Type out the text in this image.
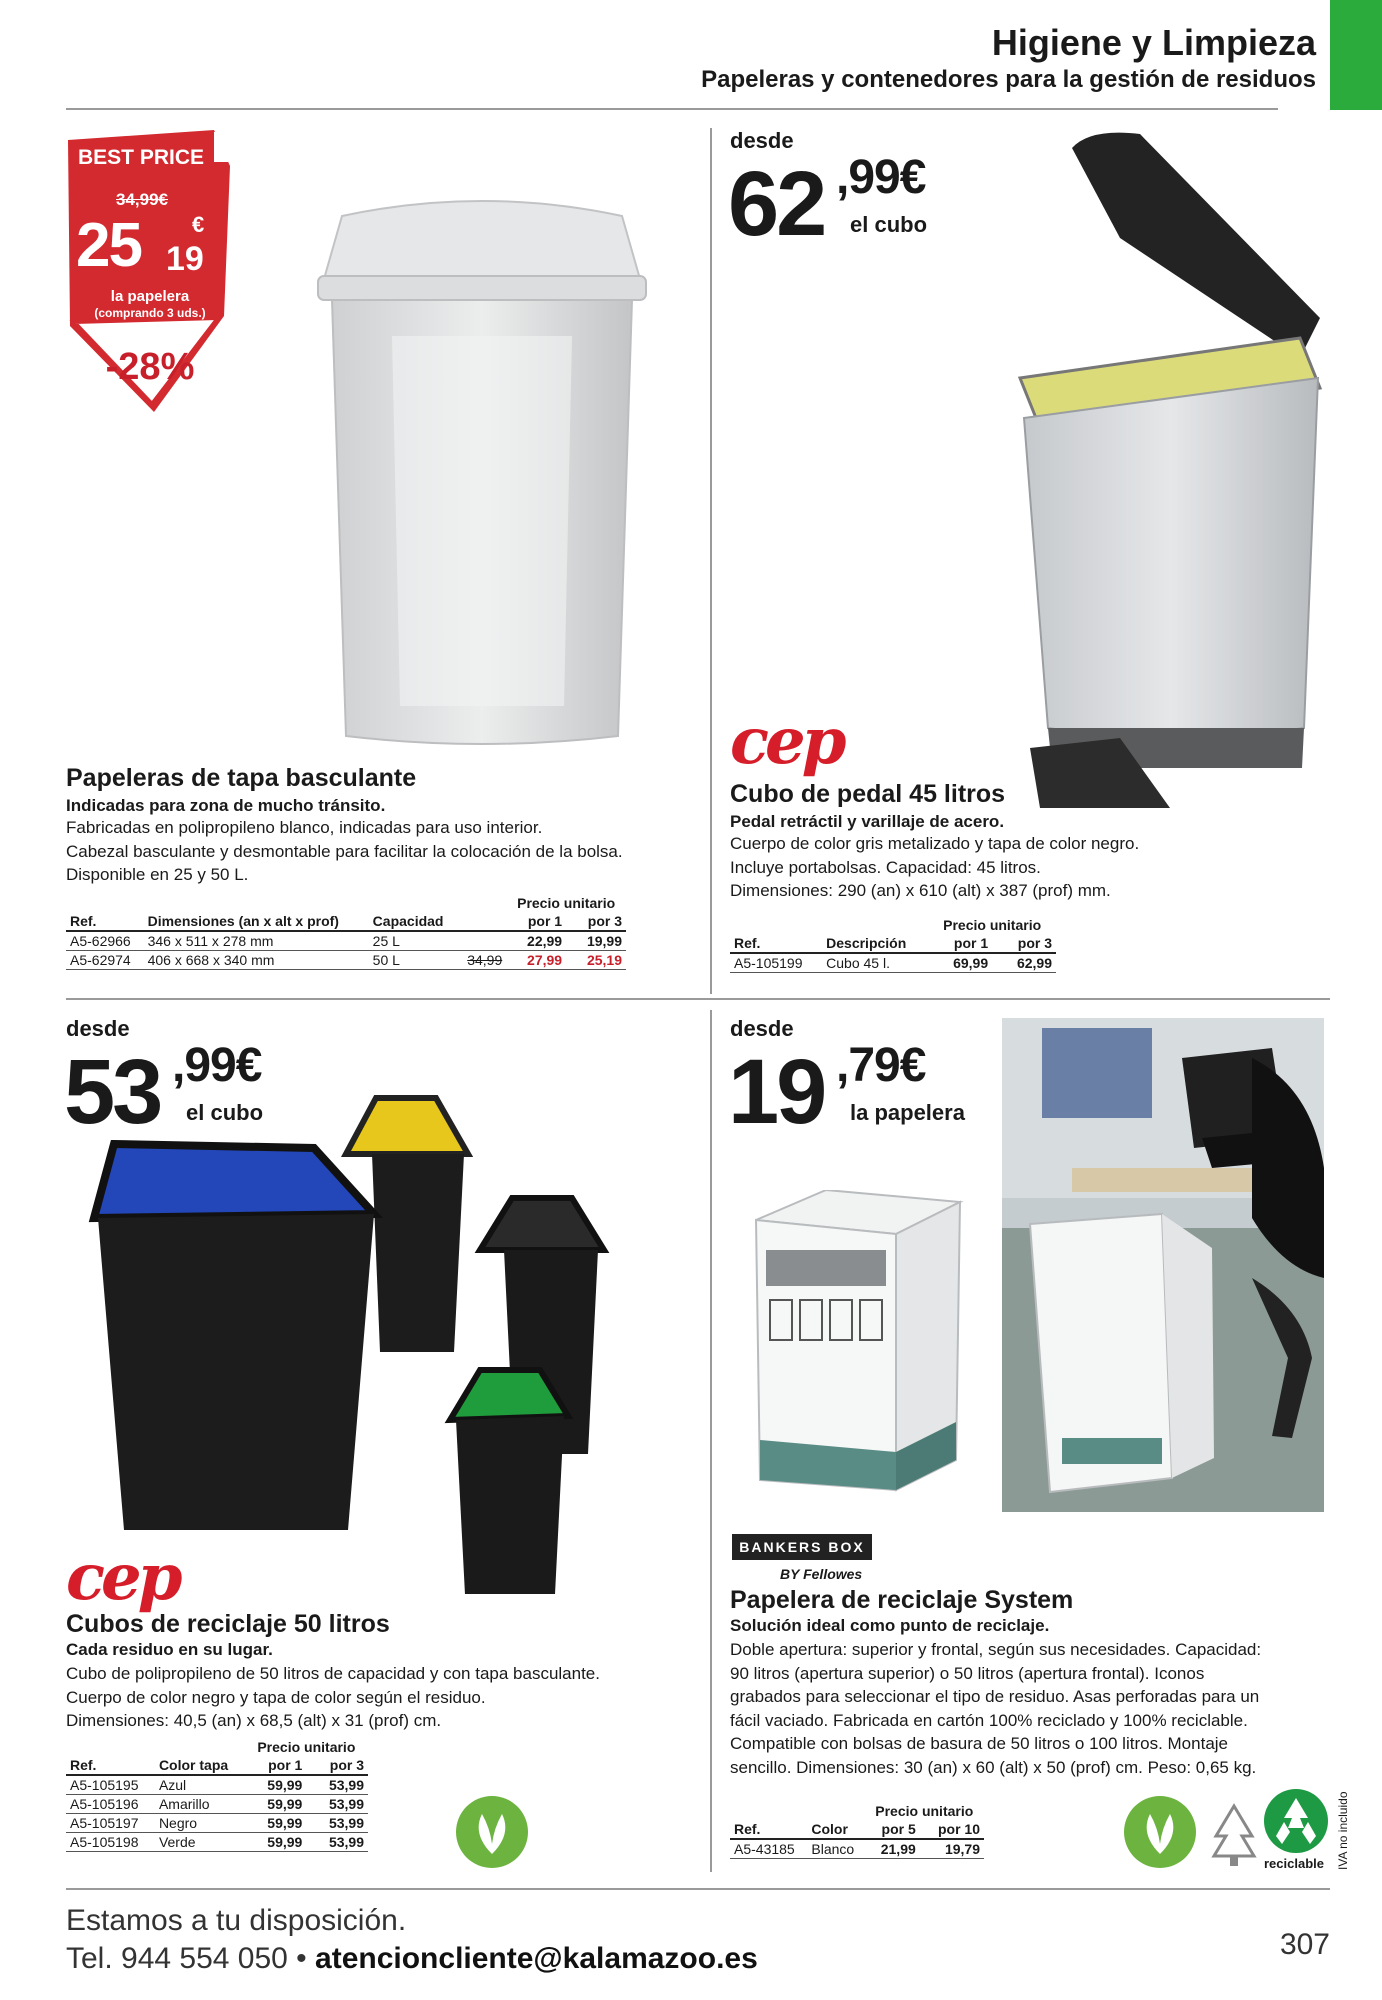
Higiene y Limpieza
Papeleras y contenedores para la gestión de residuos
BEST PRICE
34,99€
25 €
19
la papelera
(comprando 3 uds.)
-28%
Papeleras de tapa basculante
Indicadas para zona de mucho tránsito.
Fabricadas en polipropileno blanco, indicadas para uso interior.
Cabezal basculante y desmontable para facilitar la colocación de la bolsa.
Disponible en 25 y 50 L.
				Precio unitario	
Ref.	Dimensiones (an x alt x prof)	Capacidad		por 1	por 3
A5-62966	346 x 511 x 278 mm	25 L		22,99	19,99
A5-62974	406 x 668 x 340 mm	50 L	34,99	27,99	25,19
desde
62 ,99€
el cubo
cep
Cubo de pedal 45 litros
Pedal retráctil y varillaje de acero.
Cuerpo de color gris metalizado y tapa de color negro.
Incluye portabolsas. Capacidad: 45 litros.
Dimensiones: 290 (an) x 610 (alt) x 387 (prof) mm.
		Precio unitario	
Ref.	Descripción	por 1	por 3
A5-105199	Cubo 45 l.	69,99	62,99
desde
53 ,99€
el cubo
cep
Cubos de reciclaje 50 litros
Cada residuo en su lugar.
Cubo de polipropileno de 50 litros de capacidad y con tapa basculante.
Cuerpo de color negro y tapa de color según el residuo.
Dimensiones: 40,5 (an) x 68,5 (alt) x 31 (prof) cm.
		Precio unitario	
Ref.	Color tapa	por 1	por 3
A5-105195	Azul	59,99	53,99
A5-105196	Amarillo	59,99	53,99
A5-105197	Negro	59,99	53,99
A5-105198	Verde	59,99	53,99
desde
19 ,79€
la papelera
BANKERS BOX
BY Fellowes
Papelera de reciclaje System
Solución ideal como punto de reciclaje.
Doble apertura: superior y frontal, según sus necesidades. Capacidad:
90 litros (apertura superior) o 50 litros (apertura frontal). Iconos
grabados para seleccionar el tipo de residuo. Asas perforadas para un
fácil vaciado. Fabricada en cartón 100% reciclado y 100% reciclable.
Compatible con bolsas de basura de 50 litros o 100 litros. Montaje
sencillo. Dimensiones: 30 (an) x 60 (alt) x 50 (prof) cm. Peso: 0,65 kg.
		Precio unitario	
Ref.	Color	por 5	por 10
A5-43185	Blanco	21,99	19,79
reciclable IVA no incluido
Estamos a tu disposición.
Tel. 944 554 050 • atencioncliente@kalamazoo.es	307
